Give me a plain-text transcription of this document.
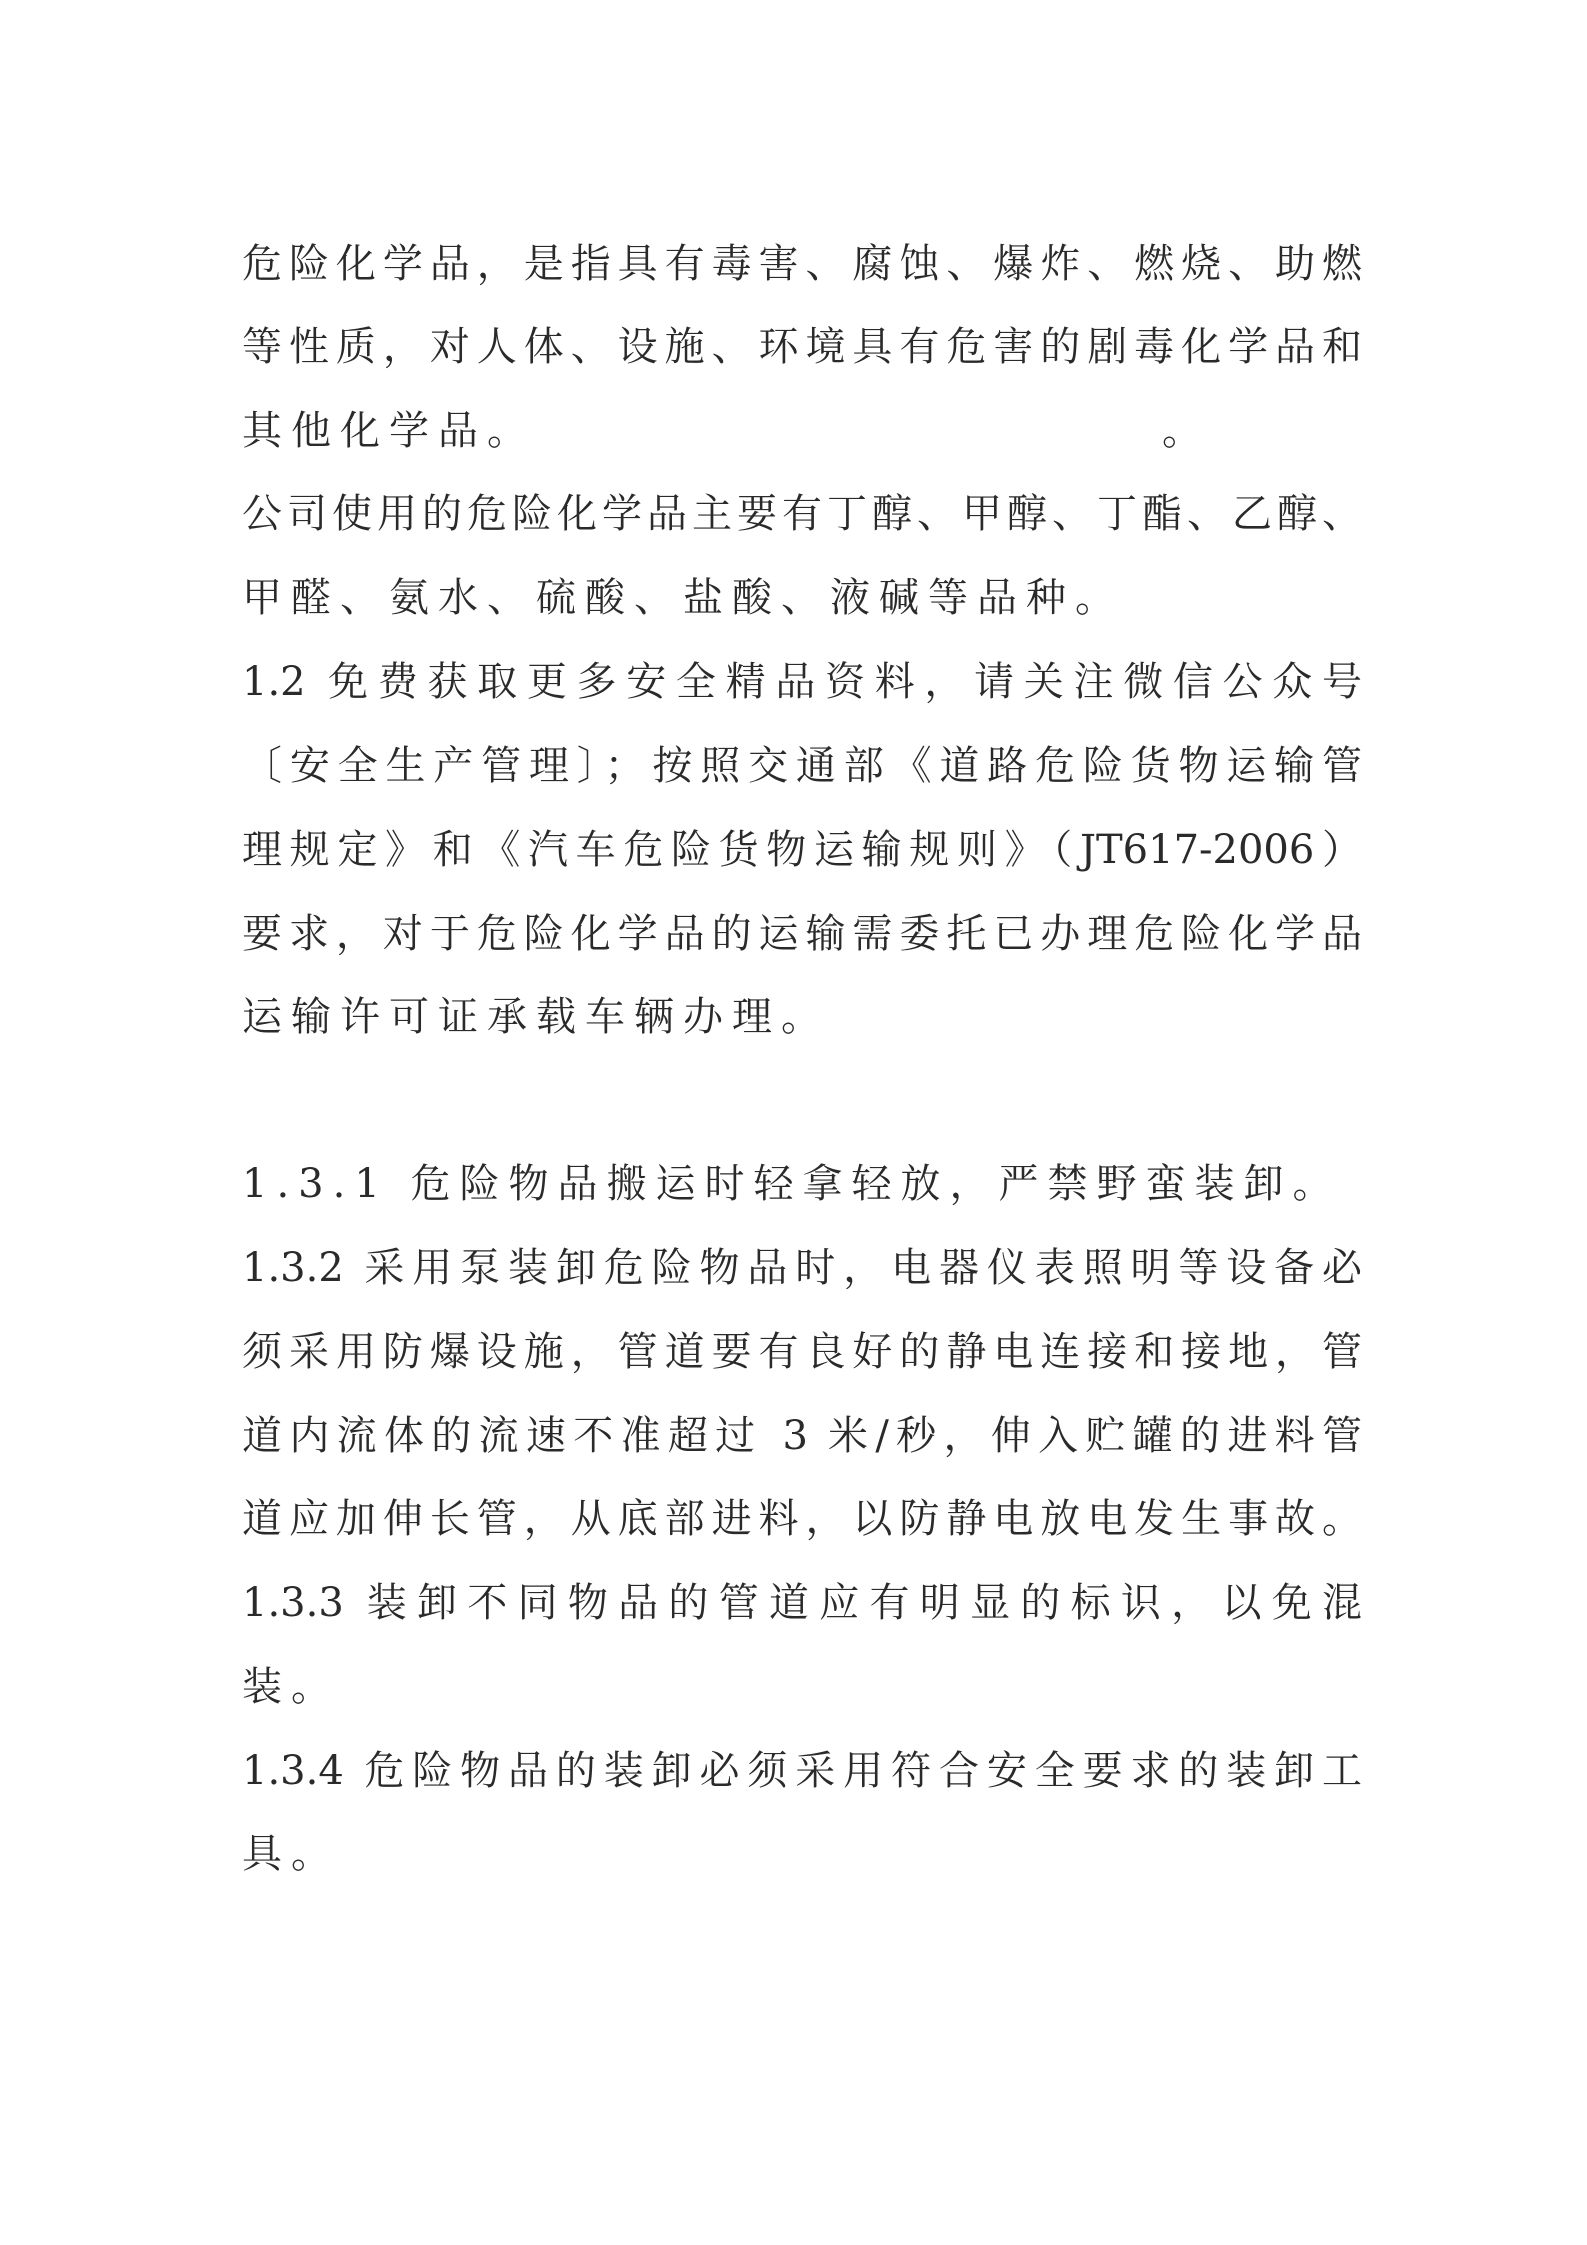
危险化学品，是指具有毒害、腐蚀、爆炸、燃烧、助燃
等性质，对人体、设施、环境具有危害的剧毒化学品和
其他化学品。	。
公司使用的危险化学品主要有丁醇、甲醇、丁酯、乙醇、
甲醛、氨水、硫酸、盐酸、液碱等品种。
1.2 免费获取更多安全精品资料，请关注微信公众号
〔安全生产管理〕；按照交通部《道路危险货物运输管
理规定》和《汽车危险货物运输规则》（JT617-2006）
要求，对于危险化学品的运输需委托已办理危险化学品
运输许可证承载车辆办理。
1.3.1 危险物品搬运时轻拿轻放，严禁野蛮装卸。
1.3.2 采用泵装卸危险物品时，电器仪表照明等设备必
须采用防爆设施，管道要有良好的静电连接和接地，管
道内流体的流速不准超过 3 米/秒，伸入贮罐的进料管
道应加伸长管，从底部进料，以防静电放电发生事故。
1.3.3 装卸不同物品的管道应有明显的标识，以免混
装。
1.3.4 危险物品的装卸必须采用符合安全要求的装卸工
具。
